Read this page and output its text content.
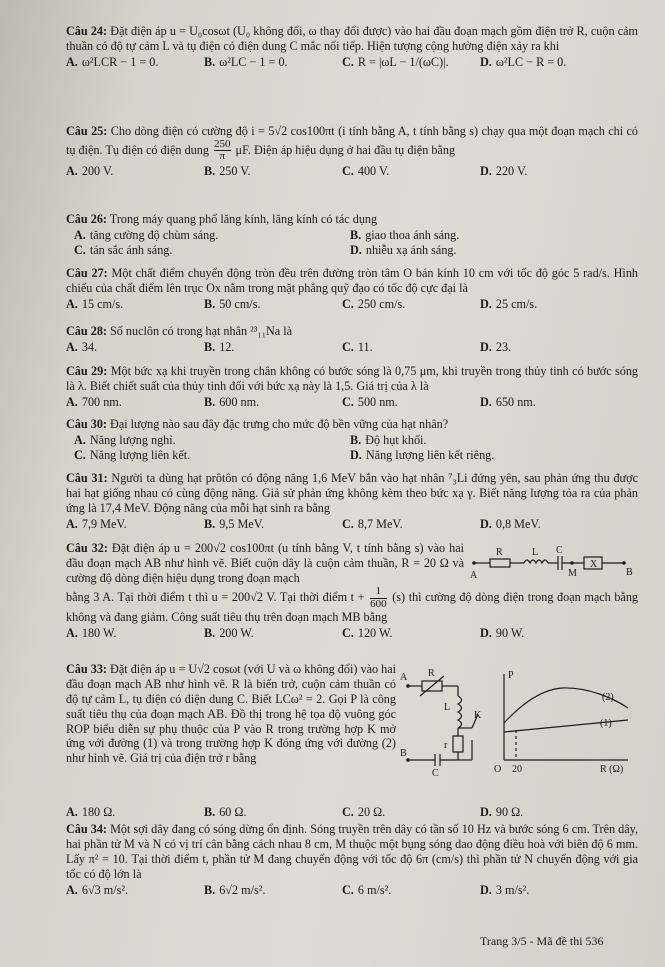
Câu 24: Đặt điện áp u = U₀cosωt (U₀ không đổi, ω thay đổi được) vào hai đầu đoạn mạch gồm điện trở R, cuộn cảm thuần có độ tự cảm L và tụ điện có điện dung C mắc nối tiếp. Hiện tượng cộng hưởng điện xảy ra khi

A. ω²LCR − 1 = 0.	B. ω²LC − 1 = 0.	C. R = |ωL − 1/(ωC)|.	D. ω²LC − R = 0.

Câu 25: Cho dòng điện có cường độ i = 5√2 cos100πt (i tính bằng A, t tính bằng s) chạy qua một đoạn mạch chỉ có tụ điện. Tụ điện có điện dung $\frac{250}{\pi} \mu F$. Điện áp hiệu dụng ở hai đầu tụ điện bằng

A. 200 V.	B. 250 V.	C. 400 V.	D. 220 V.

Câu 26: Trong máy quang phổ lăng kính, lăng kính có tác dụng

A. tăng cường độ chùm sáng.	B. giao thoa ánh sáng.
C. tán sắc ánh sáng.	D. nhiễu xạ ánh sáng.

Câu 27: Một chất điểm chuyển động tròn đều trên đường tròn tâm O bán kính 10 cm với tốc độ góc 5 rad/s. Hình chiếu của chất điểm lên trục Ox nằm trong mặt phẳng quỹ đạo có tốc độ cực đại là

A. 15 cm/s.	B. 50 cm/s.	C. 250 cm/s.	D. 25 cm/s.

Câu 28: Số nuclôn có trong hạt nhân ²³₁₁Na là

A. 34.	B. 12.	C. 11.	D. 23.

Câu 29: Một bức xạ khi truyền trong chân không có bước sóng là 0,75 μm, khi truyền trong thủy tinh có bước sóng là λ. Biết chiết suất của thủy tinh đối với bức xạ này là 1,5. Giá trị của λ là

A. 700 nm.	B. 600 nm.	C. 500 nm.	D. 650 nm.

Câu 30: Đại lượng nào sau đây đặc trưng cho mức độ bền vững của hạt nhân?

A. Năng lượng nghỉ.	B. Độ hụt khối.
C. Năng lượng liên kết.	D. Năng lượng liên kết riêng.

Câu 31: Người ta dùng hạt prôtôn có động năng 1,6 MeV bắn vào hạt nhân ⁷₃Li đứng yên, sau phản ứng thu được hai hạt giống nhau có cùng động năng. Giả sử phản ứng không kèm theo bức xạ γ. Biết năng lượng tỏa ra của phản ứng là 17,4 MeV. Động năng của mỗi hạt sinh ra bằng

A. 7,9 MeV.	B. 9,5 MeV.	C. 8,7 MeV.	D. 0,8 MeV.

Câu 32: Đặt điện áp u = 200√2 cos100πt (u tính bằng V, t tính bằng s) vào hai đầu đoạn mạch AB như hình vẽ. Biết cuộn dây là cuộn cảm thuần, R = 20 Ω và cường độ dòng điện hiệu dụng trong đoạn mạch

R	L C
X
A	M	B

bằng 3 A. Tại thời điểm t thì u = 200√2 V. Tại thời điểm $t + \frac{1}{600} (s)$ thì cường độ dòng điện trong đoạn mạch bằng không và đang giảm. Công suất tiêu thụ trên đoạn mạch MB bằng

A. 180 W.	B. 200 W.	C. 120 W.	D. 90 W.

Câu 33: Đặt điện áp u = U√2 cosωt (với U và ω không đổi) vào hai đầu đoạn mạch AB như hình vẽ. R là biến trở, cuộn cảm thuần có độ tự cảm L, tụ điện có điện dung C. Biết LCω² = 2. Gọi P là công suất tiêu thụ của đoạn mạch AB. Đồ thị trong hệ tọa độ vuông góc ROP biểu diễn sự phụ thuộc của P vào R trong trường hợp K mở ứng với đường (1) và trong trường hợp K đóng ứng với đường (2) như hình vẽ. Giá trị của điện trở r bằng

R
A
L
K
r
B
C
P
O 20	R (Ω)
(1)
(2)
A. 180 Ω.	B. 60 Ω.	C. 20 Ω.	D. 90 Ω.

Câu 34: Một sợi dây đang có sóng dừng ổn định. Sóng truyền trên dây có tần số 10 Hz và bước sóng 6 cm. Trên dây, hai phần tử M và N có vị trí cân bằng cách nhau 8 cm, M thuộc một bụng sóng dao động điều hoà với biên độ 6 mm. Lấy π² = 10. Tại thời điểm t, phần tử M đang chuyển động với tốc độ 6π (cm/s) thì phần tử N chuyển động với gia tốc có độ lớn là

A. 6√3 m/s².	B. 6√2 m/s².	C. 6 m/s².	D. 3 m/s².
Trang 3/5 - Mã đề thi 536
